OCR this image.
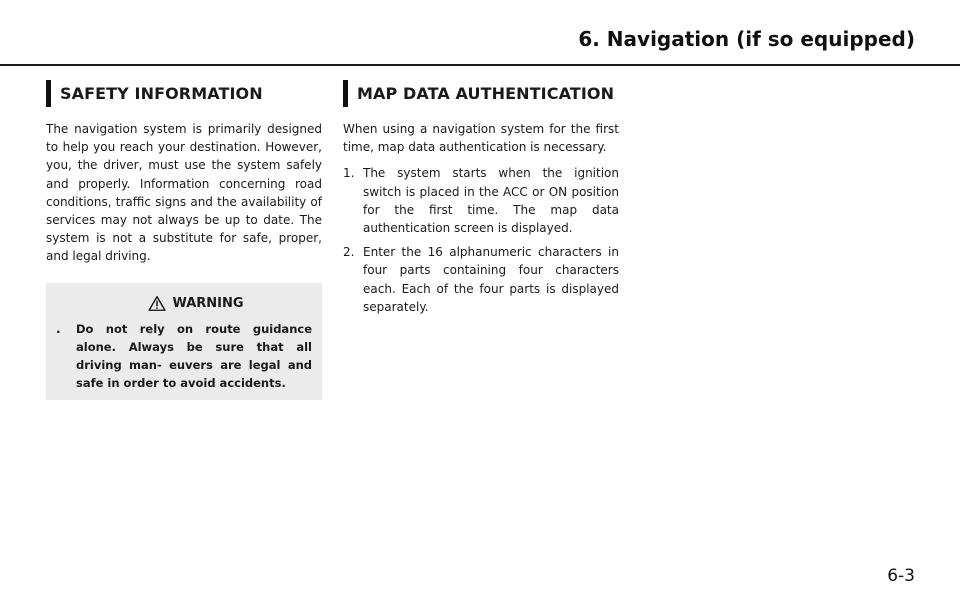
6. Navigation (if so equipped)
SAFETY INFORMATION

The navigation system is primarily designed to help you reach your destination. However, you, the driver, must use the system safely and properly. Information concerning road conditions, traffic signs and the availability of services may not always be up to date. The system is not a substitute for safe, proper, and legal driving.

WARNING
. Do not rely on route guidance alone. Always be sure that all driving man- euvers are legal and safe in order to avoid accidents.

MAP DATA AUTHENTICATION

When using a navigation system for the first time, map data authentication is necessary.

1. The system starts when the ignition switch is placed in the ACC or ON position for the first time. The map data authentication screen is displayed.

2. Enter the 16 alphanumeric characters in four parts containing four characters each. Each of the four parts is displayed separately.

6-3
